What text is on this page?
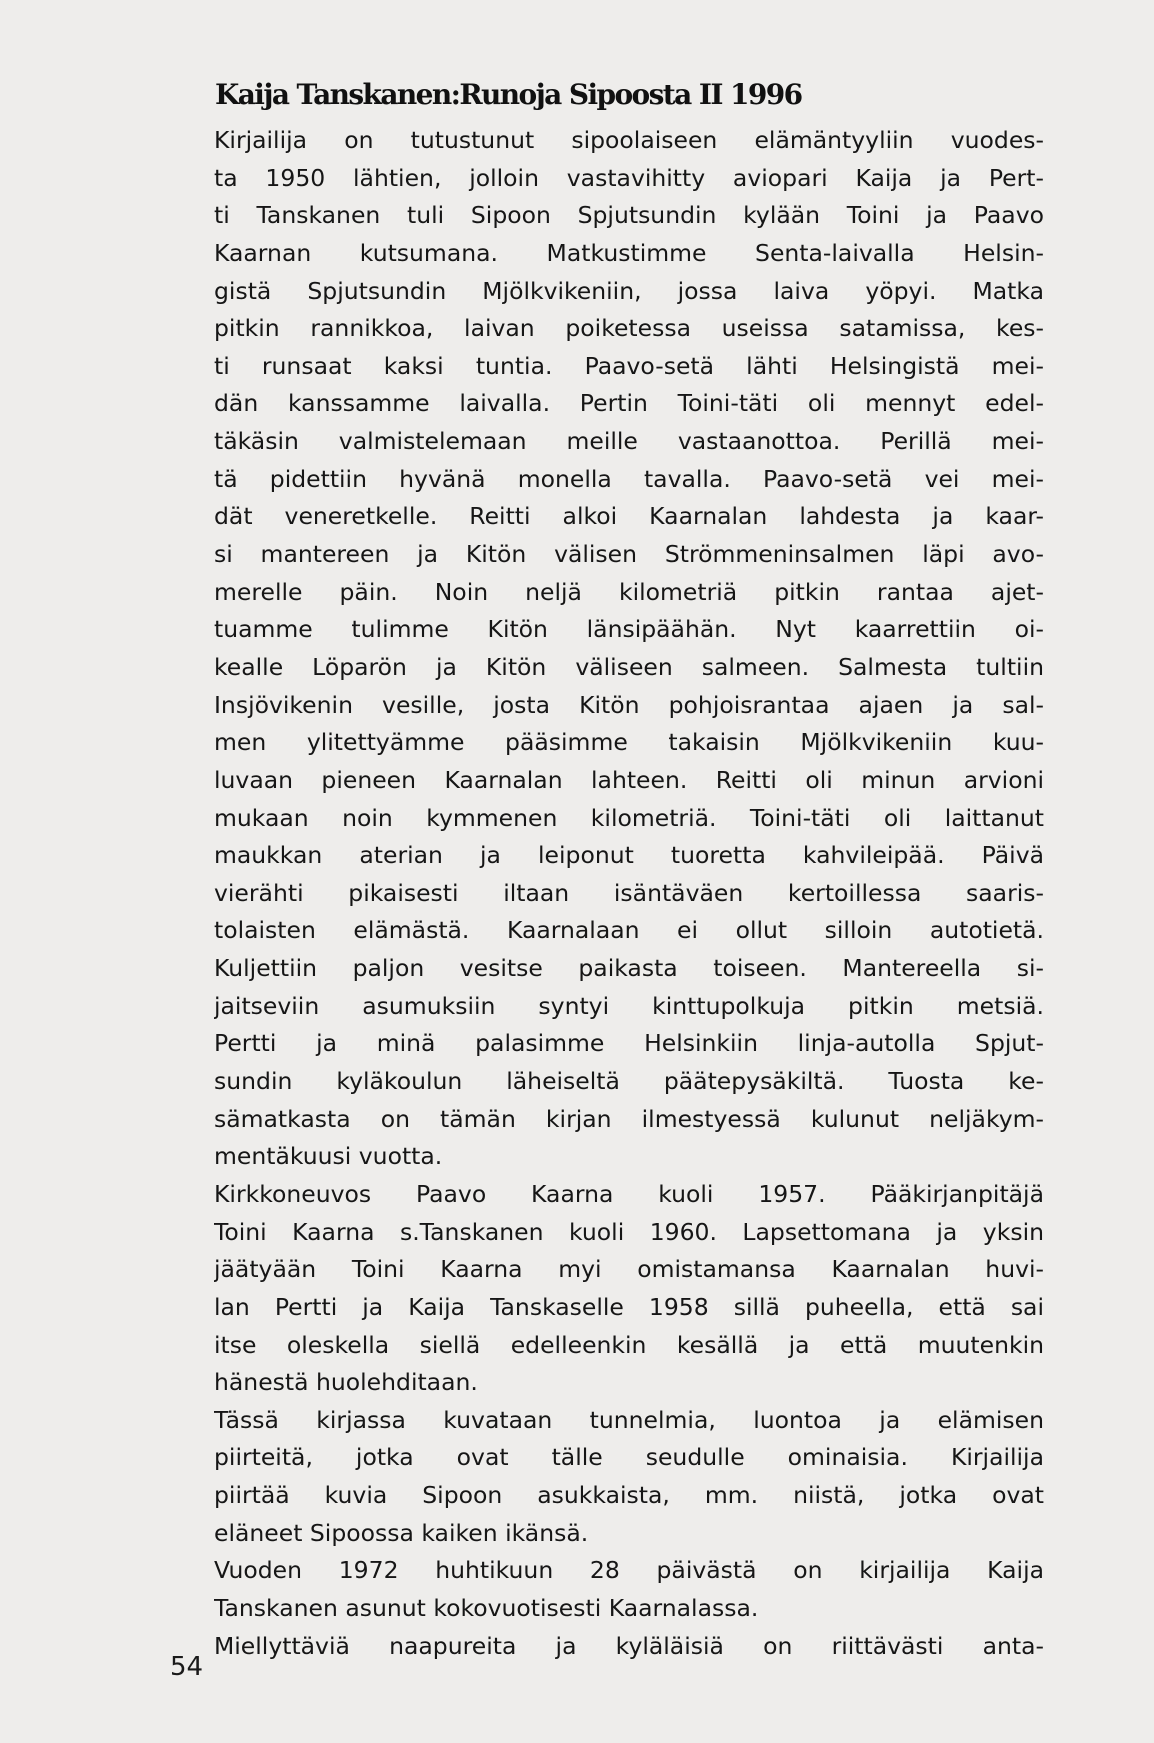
Kaija Tanskanen:Runoja Sipoosta II 1996
Kirjailija on tutustunut sipoolaiseen elämäntyyliin vuodes-
ta 1950 lähtien, jolloin vastavihitty aviopari Kaija ja Pert-
ti Tanskanen tuli Sipoon Spjutsundin kylään Toini ja Paavo
Kaarnan kutsumana. Matkustimme Senta-laivalla Helsin-
gistä Spjutsundin Mjölkvikeniin, jossa laiva yöpyi. Matka
pitkin rannikkoa, laivan poiketessa useissa satamissa, kes-
ti runsaat kaksi tuntia. Paavo-setä lähti Helsingistä mei-
dän kanssamme laivalla. Pertin Toini-täti oli mennyt edel-
täkäsin valmistelemaan meille vastaanottoa. Perillä mei-
tä pidettiin hyvänä monella tavalla. Paavo-setä vei mei-
dät veneretkelle. Reitti alkoi Kaarnalan lahdesta ja kaar-
si mantereen ja Kitön välisen Strömmeninsalmen läpi avo-
merelle päin. Noin neljä kilometriä pitkin rantaa ajet-
tuamme tulimme Kitön länsipäähän. Nyt kaarrettiin oi-
kealle Löparön ja Kitön väliseen salmeen. Salmesta tultiin
Insjövikenin vesille, josta Kitön pohjoisrantaa ajaen ja sal-
men ylitettyämme pääsimme takaisin Mjölkvikeniin kuu-
luvaan pieneen Kaarnalan lahteen. Reitti oli minun arvioni
mukaan noin kymmenen kilometriä. Toini-täti oli laittanut
maukkan aterian ja leiponut tuoretta kahvileipää. Päivä
vierähti pikaisesti iltaan isäntäväen kertoillessa saaris-
tolaisten elämästä. Kaarnalaan ei ollut silloin autotietä.
Kuljettiin paljon vesitse paikasta toiseen. Mantereella si-
jaitseviin asumuksiin syntyi kinttupolkuja pitkin metsiä.
Pertti ja minä palasimme Helsinkiin linja-autolla Spjut-
sundin kyläkoulun läheiseltä päätepysäkiltä. Tuosta ke-
sämatkasta on tämän kirjan ilmestyessä kulunut neljäkym-
mentäkuusi vuotta.
Kirkkoneuvos Paavo Kaarna kuoli 1957. Pääkirjanpitäjä
Toini Kaarna s.Tanskanen kuoli 1960. Lapsettomana ja yksin
jäätyään Toini Kaarna myi omistamansa Kaarnalan huvi-
lan Pertti ja Kaija Tanskaselle 1958 sillä puheella, että sai
itse oleskella siellä edelleenkin kesällä ja että muutenkin
hänestä huolehditaan.
Tässä kirjassa kuvataan tunnelmia, luontoa ja elämisen
piirteitä, jotka ovat tälle seudulle ominaisia. Kirjailija
piirtää kuvia Sipoon asukkaista, mm. niistä, jotka ovat
eläneet Sipoossa kaiken ikänsä.
Vuoden 1972 huhtikuun 28 päivästä on kirjailija Kaija
Tanskanen asunut kokovuotisesti Kaarnalassa.
Miellyttäviä naapureita ja kyläläisiä on riittävästi anta-
54
